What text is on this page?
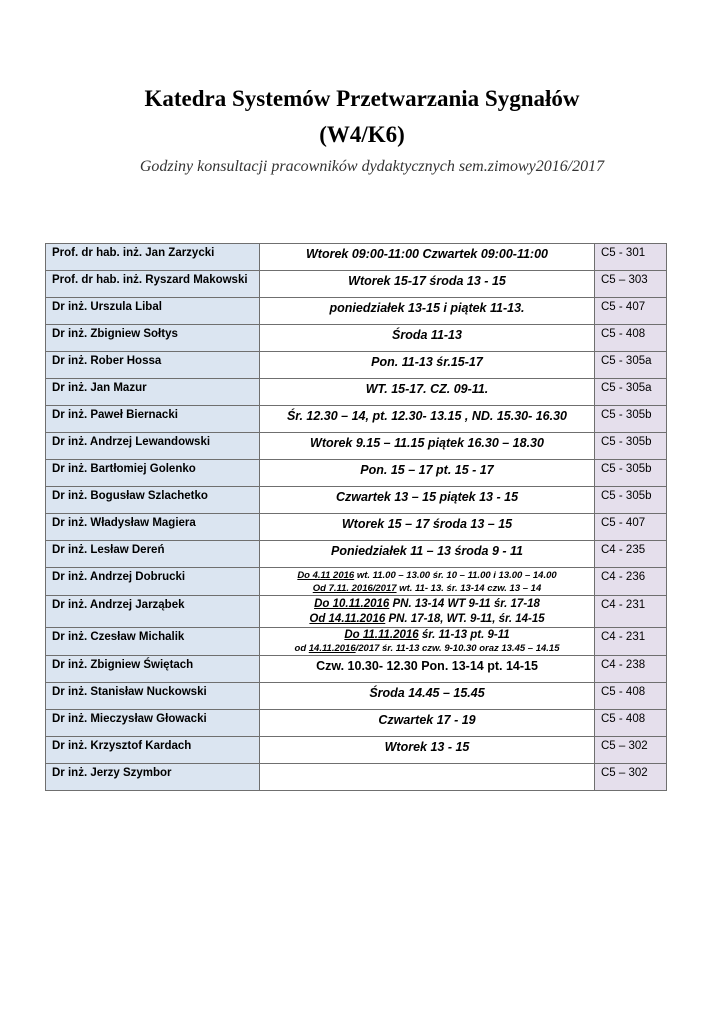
Katedra Systemów Przetwarzania Sygnałów
(W4/K6)
Godziny konsultacji pracowników dydaktycznych sem.zimowy2016/2017
Prof. dr hab. inż. Jan Zarzycki	Wtorek 09:00-11:00 Czwartek 09:00-11:00	C5 - 301
Prof. dr hab. inż. Ryszard Makowski	Wtorek 15-17 środa 13 - 15	C5 – 303
Dr inż. Urszula Libal	poniedziałek 13-15 i piątek 11-13.	C5 - 407
Dr inż. Zbigniew Sołtys	Środa 11-13	C5 - 408
Dr inż. Rober Hossa	Pon. 11-13 śr.15-17	C5 - 305a
Dr inż. Jan Mazur	WT. 15-17. CZ. 09-11.	C5 - 305a
Dr inż. Paweł Biernacki	Śr. 12.30 – 14, pt. 12.30- 13.15 , ND. 15.30- 16.30	C5 - 305b
Dr inż. Andrzej Lewandowski	Wtorek 9.15 – 11.15 piątek 16.30 – 18.30	C5 - 305b
Dr inż. Bartłomiej Golenko	Pon. 15 – 17 pt. 15 - 17	C5 - 305b
Dr inż. Bogusław Szlachetko	Czwartek 13 – 15 piątek 13 - 15	C5 - 305b
Dr inż. Władysław Magiera	Wtorek 15 – 17 środa 13 – 15	C5 - 407
Dr inż. Lesław Dereń	Poniedziałek 11 – 13 środa 9 - 11	C4 - 235
Dr inż. Andrzej Dobrucki	Do 4.11 2016 wt. 11.00 – 13.00 śr. 10 – 11.00 i 13.00 – 14.00
Od 7.11. 2016/2017 wt. 11- 13. śr. 13-14 czw. 13 – 14	C4 - 236
Dr inż. Andrzej Jarząbek	Do 10.11.2016 PN. 13-14 WT 9-11 śr. 17-18
Od 14.11.2016 PN. 17-18, WT. 9-11, śr. 14-15	C4 - 231
Dr inż. Czesław Michalik	Do 11.11.2016 śr. 11-13 pt. 9-11
od 14.11.2016/2017 śr. 11-13 czw. 9-10.30 oraz 13.45 – 14.15	C4 - 231
Dr inż. Zbigniew Świętach	Czw. 10.30- 12.30 Pon. 13-14 pt. 14-15	C4 - 238
Dr inż. Stanisław Nuckowski	Środa 14.45 – 15.45	C5 - 408
Dr inż. Mieczysław Głowacki	Czwartek 17 - 19	C5 - 408
Dr inż. Krzysztof Kardach	Wtorek 13 - 15	C5 – 302
Dr inż. Jerzy Szymbor		C5 – 302
